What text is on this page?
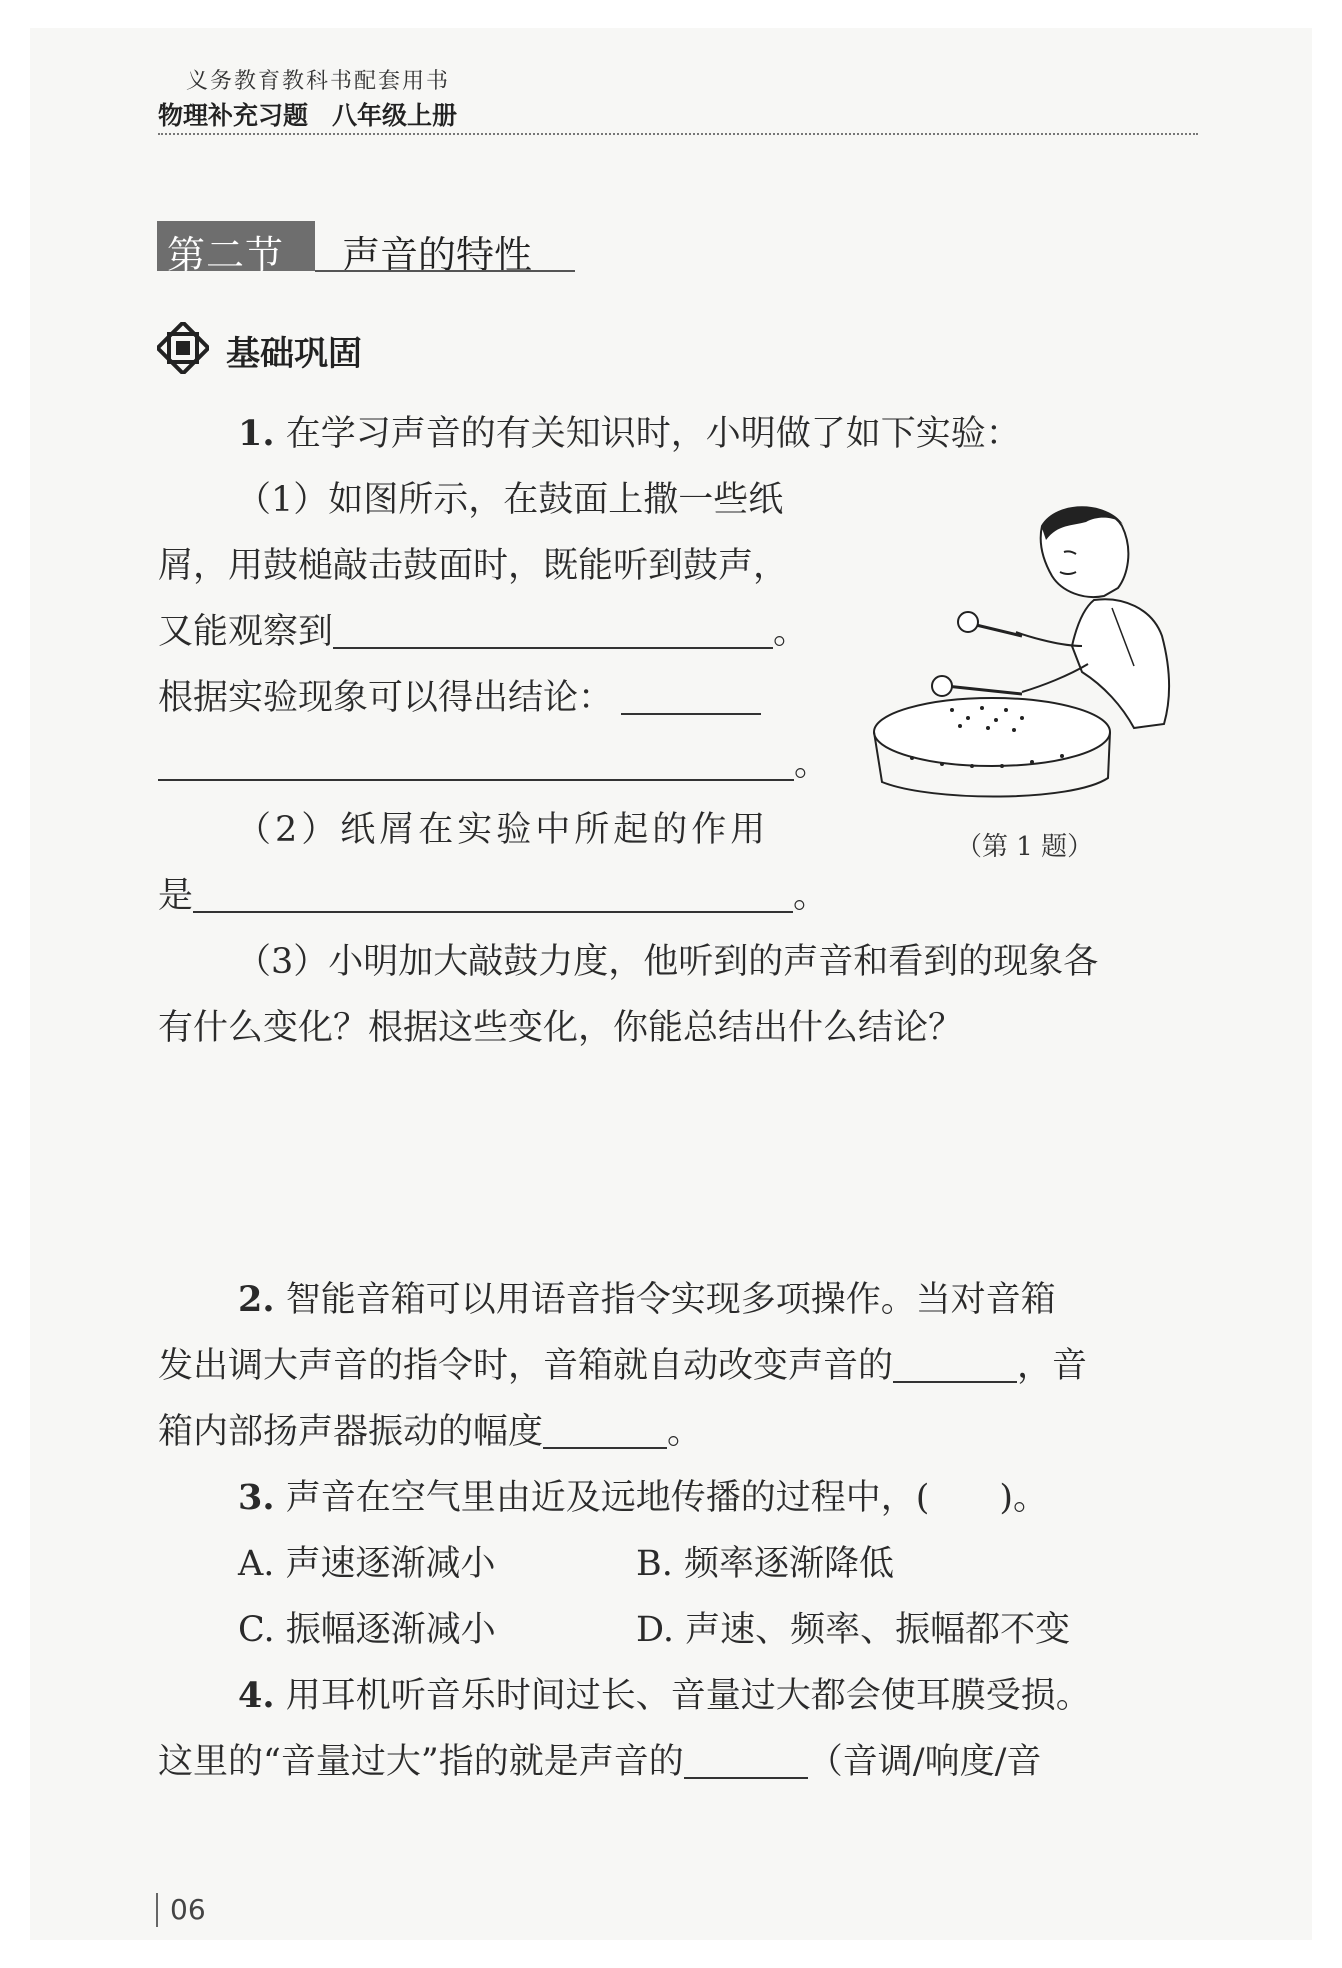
义务教育教科书配套用书
物理补充习题 八年级上册
第二节 声音的特性
基础巩固
1. 在学习声音的有关知识时，小明做了如下实验：
（1）如图所示，在鼓面上撒一些纸
屑，用鼓槌敲击鼓面时，既能听到鼓声，
又能观察到	。
根据实验现象可以得出结论：
。
（2）纸屑在实验中所起的作用
是	。
（3）小明加大敲鼓力度，他听到的声音和看到的现象各
有什么变化？根据这些变化，你能总结出什么结论？
（第 1 题）
2. 智能音箱可以用语音指令实现多项操作。当对音箱
发出调大声音的指令时，音箱就自动改变声音的	，音
箱内部扬声器振动的幅度	。
3. 声音在空气里由近及远地传播的过程中，(　　)。
A. 声速逐渐减小	B. 频率逐渐降低
C. 振幅逐渐减小	D. 声速、频率、振幅都不变
4. 用耳机听音乐时间过长、音量过大都会使耳膜受损。
这里的“音量过大”指的就是声音的	（音调/响度/音
06
